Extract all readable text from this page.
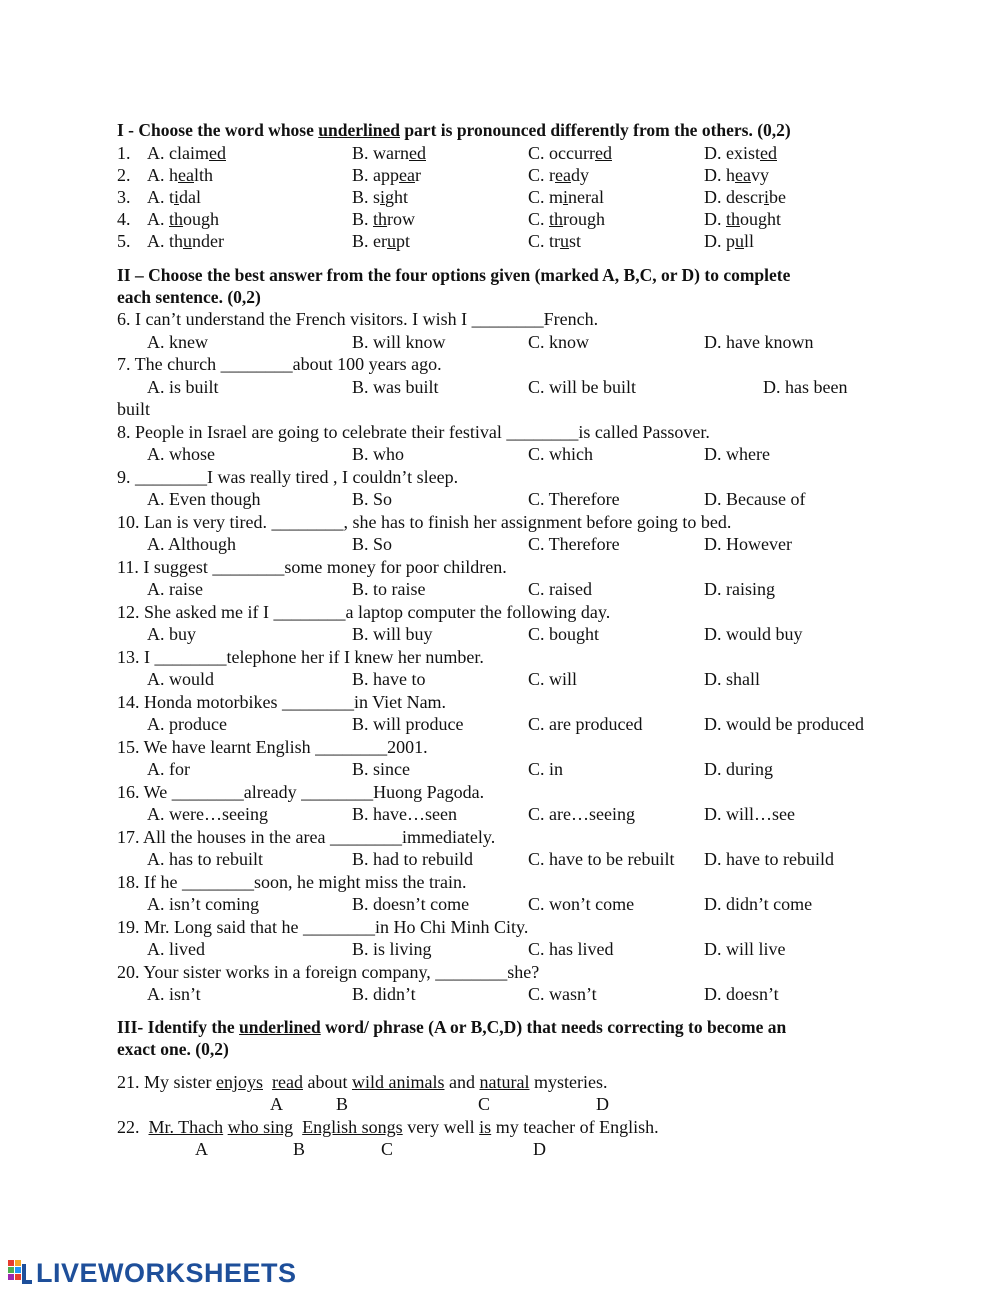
I - Choose the word whose underlined part is pronounced differently from the others. (0,2)
1. A. claimed	B. warned	C. occurred	D. existed
2. A. health	B. appear	C. ready	D. heavy
3. A. tidal	B. sight	C. mineral	D. describe
4. A. though	B. throw	C. through	D. thought
5. A. thunder	B. erupt	C. trust	D. pull
II – Choose the best answer from the four options given (marked A, B,C, or D) to complete
each sentence. (0,2)
6. I can’t understand the French visitors. I wish I ________French.
A. knew	B. will know	C. know	D. have known
7. The church ________about 100 years ago.
A. is built	B. was built	C. will be built	D. has been
built
8. People in Israel are going to celebrate their festival ________is called Passover.
A. whose	B. who	C. which	D. where
9. ________I was really tired , I couldn’t sleep.
A. Even though	B. So	C. Therefore	D. Because of
10. Lan is very tired. ________, she has to finish her assignment before going to bed.
A. Although	B. So	C. Therefore	D. However
11. I suggest ________some money for poor children.
A. raise	B. to raise	C. raised	D. raising
12. She asked me if I ________a laptop computer the following day.
A. buy	B. will buy	C. bought	D. would buy
13. I ________telephone her if I knew her number.
A. would	B. have to	C. will	D. shall
14. Honda motorbikes ________in Viet Nam.
A. produce	B. will produce	C. are produced	D. would be produced
15. We have learnt English ________2001.
A. for	B. since	C. in	D. during
16. We ________already ________Huong Pagoda.
A. were…seeing	B. have…seen	C. are…seeing	D. will…see
17. All the houses in the area ________immediately.
A. has to rebuilt	B. had to rebuild	C. have to be rebuilt D. have to rebuild
18. If he ________soon, he might miss the train.
A. isn’t coming	B. doesn’t come	C. won’t come	D. didn’t come
19. Mr. Long said that he ________in Ho Chi Minh City.
A. lived	B. is living	C. has lived	D. will live
20. Your sister works in a foreign company, ________she?
A. isn’t	B. didn’t	C. wasn’t	D. doesn’t
III- Identify the underlined word/ phrase (A or B,C,D) that needs correcting to become an
exact one. (0,2)
21. My sister enjoys read about wild animals and natural mysteries.
A	B	C	D
22.  Mr. Thach who sing English songs very well is my teacher of English.
A	B	C	D
LIVEWORKSHEETS
